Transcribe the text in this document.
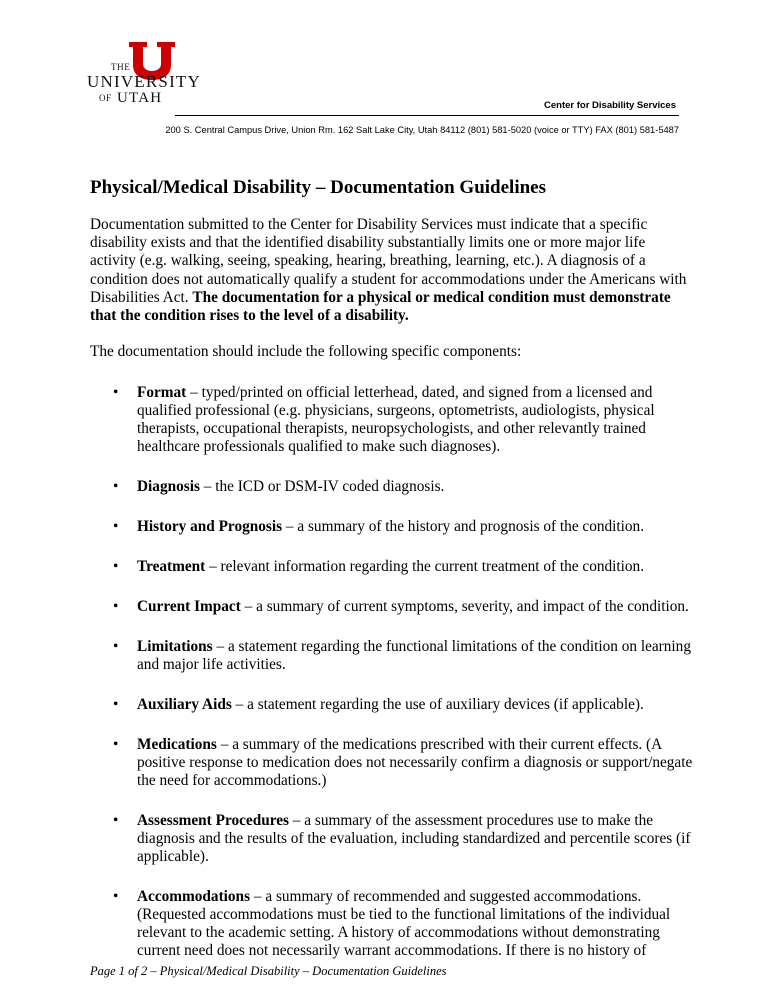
THE
UNIVERSITY
OF UTAH	Center for Disability Services
200 S. Central Campus Drive, Union Rm. 162 Salt Lake City, Utah 84112 (801) 581-5020 (voice or TTY) FAX (801) 581-5487
Physical/Medical Disability – Documentation Guidelines

Documentation submitted to the Center for Disability Services must indicate that a specific disability exists and that the identified disability substantially limits one or more major life activity (e.g. walking, seeing, speaking, hearing, breathing, learning, etc.). A diagnosis of a condition does not automatically qualify a student for accommodations under the Americans with Disabilities Act. The documentation for a physical or medical condition must demonstrate that the condition rises to the level of a disability.

The documentation should include the following specific components:

• Format – typed/printed on official letterhead, dated, and signed from a licensed and qualified professional (e.g. physicians, surgeons, optometrists, audiologists, physical therapists, occupational therapists, neuropsychologists, and other relevantly trained healthcare professionals qualified to make such diagnoses).
• Diagnosis – the ICD or DSM-IV coded diagnosis.
• History and Prognosis – a summary of the history and prognosis of the condition.
• Treatment – relevant information regarding the current treatment of the condition.
• Current Impact – a summary of current symptoms, severity, and impact of the condition.
• Limitations – a statement regarding the functional limitations of the condition on learning and major life activities.
• Auxiliary Aids – a statement regarding the use of auxiliary devices (if applicable).
• Medications – a summary of the medications prescribed with their current effects. (A positive response to medication does not necessarily confirm a diagnosis or support/negate the need for accommodations.)
• Assessment Procedures – a summary of the assessment procedures use to make the diagnosis and the results of the evaluation, including standardized and percentile scores (if applicable).
• Accommodations – a summary of recommended and suggested accommodations. (Requested accommodations must be tied to the functional limitations of the individual relevant to the academic setting. A history of accommodations without demonstrating current need does not necessarily warrant accommodations. If there is no history of
Page 1 of 2 – Physical/Medical Disability – Documentation Guidelines
